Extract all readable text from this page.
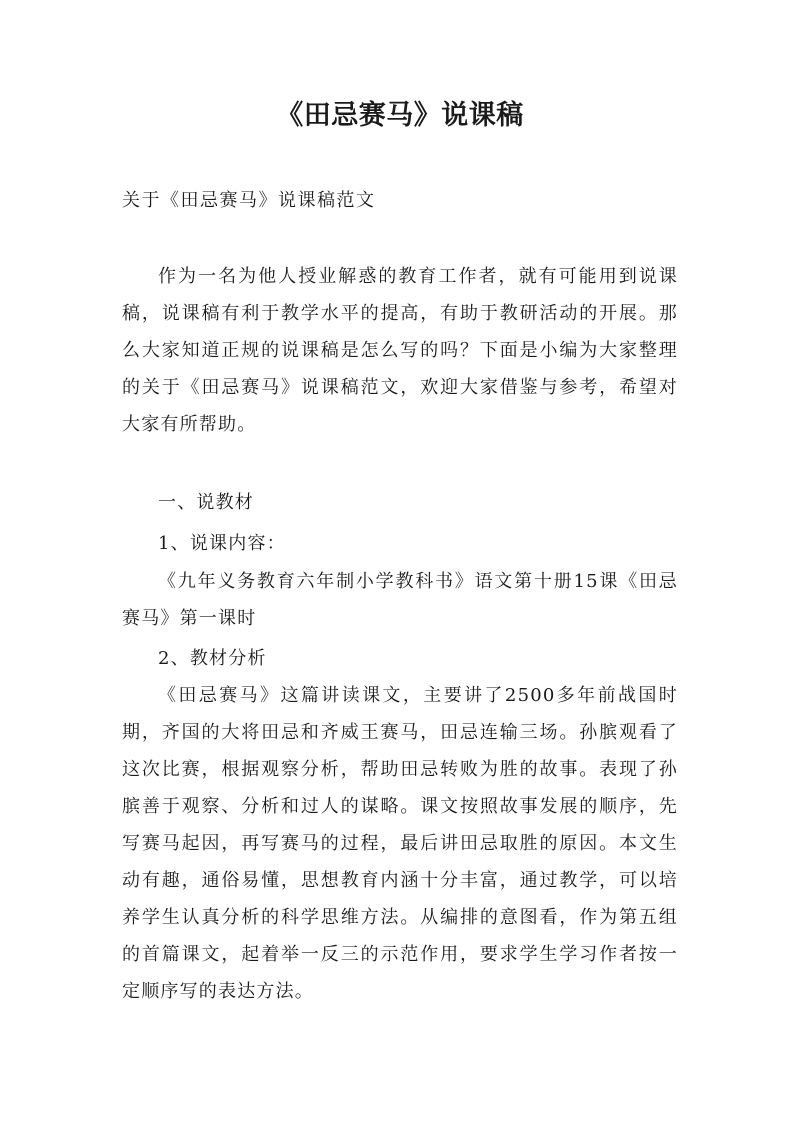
《田忌赛马》说课稿
关于《田忌赛马》说课稿范文

作为一名为他人授业解惑的教育工作者，就有可能用到说课稿，说课稿有利于教学水平的提高，有助于教研活动的开展。那么大家知道正规的说课稿是怎么写的吗？下面是小编为大家整理的关于《田忌赛马》说课稿范文，欢迎大家借鉴与参考，希望对大家有所帮助。

一、说教材

1、说课内容：

《九年义务教育六年制小学教科书》语文第十册15课《田忌赛马》第一课时

2、教材分析

《田忌赛马》这篇讲读课文，主要讲了2500多年前战国时期，齐国的大将田忌和齐威王赛马，田忌连输三场。孙膑观看了这次比赛，根据观察分析，帮助田忌转败为胜的故事。表现了孙膑善于观察、分析和过人的谋略。课文按照故事发展的顺序，先写赛马起因，再写赛马的过程，最后讲田忌取胜的原因。本文生动有趣，通俗易懂，思想教育内涵十分丰富，通过教学，可以培养学生认真分析的科学思维方法。从编排的意图看，作为第五组的首篇课文，起着举一反三的示范作用，要求学生学习作者按一定顺序写的表达方法。
